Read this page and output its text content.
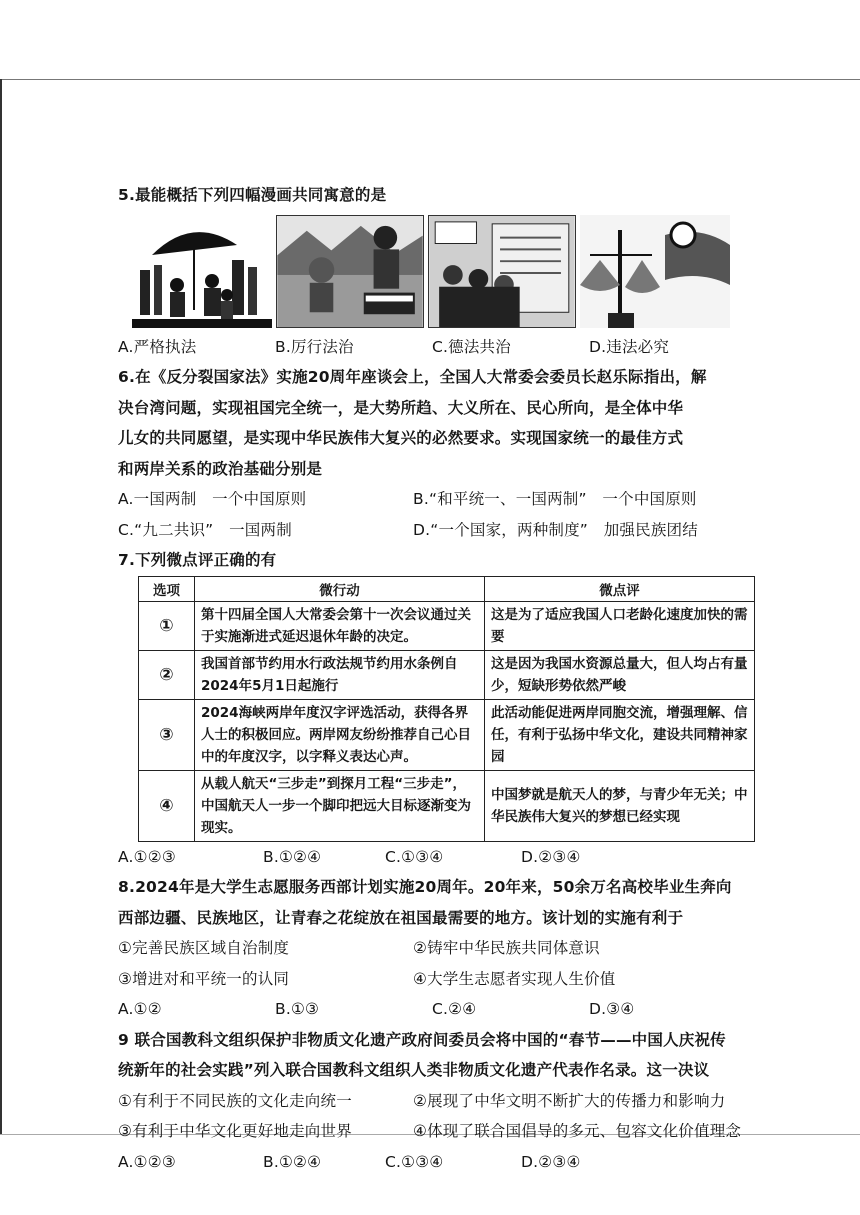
5.最能概括下列四幅漫画共同寓意的是
A.严格执法	B.厉行法治	C.德法共治	D.违法必究
6.在《反分裂国家法》实施20周年座谈会上，全国人大常委会委员长赵乐际指出，解
决台湾问题，实现祖国完全统一，是大势所趋、大义所在、民心所向，是全体中华
儿女的共同愿望，是实现中华民族伟大复兴的必然要求。实现国家统一的最佳方式
和两岸关系的政治基础分别是
A.一国两制　一个中国原则	B.“和平统一、一国两制”　一个中国原则
C.“九二共识”　一国两制	D.“一个国家，两种制度”　加强民族团结
7.下列微点评正确的有
选项	微行动	微点评
①	第十四届全国人大常委会第十一次会议通过关于实施渐进式延迟退休年龄的决定。	这是为了适应我国人口老龄化速度加快的需要
②	我国首部节约用水行政法规节约用水条例自2024年5月1日起施行	这是因为我国水资源总量大，但人均占有量少，短缺形势依然严峻
③	2024海峡两岸年度汉字评选活动，获得各界人士的积极回应。两岸网友纷纷推荐自己心目中的年度汉字，以字释义表达心声。	此活动能促进两岸同胞交流，增强理解、信任，有利于弘扬中华文化，建设共同精神家园
④	从载人航天“三步走”到探月工程“三步走”，中国航天人一步一个脚印把远大目标逐渐变为现实。	中国梦就是航天人的梦，与青少年无关；中华民族伟大复兴的梦想已经实现
A.①②③	B.①②④	C.①③④	D.②③④
8.2024年是大学生志愿服务西部计划实施20周年。20年来，50余万名高校毕业生奔向
西部边疆、民族地区，让青春之花绽放在祖国最需要的地方。该计划的实施有利于
①完善民族区域自治制度	②铸牢中华民族共同体意识
③增进对和平统一的认同	④大学生志愿者实现人生价值
A.①②	B.①③	C.②④	D.③④
9 联合国教科文组织保护非物质文化遗产政府间委员会将中国的“春节——中国人庆祝传
统新年的社会实践”列入联合国教科文组织人类非物质文化遗产代表作名录。这一决议
①有利于不同民族的文化走向统一	②展现了中华文明不断扩大的传播力和影响力
③有利于中华文化更好地走向世界	④体现了联合国倡导的多元、包容文化价值理念
A.①②③	B.①②④	C.①③④	D.②③④
